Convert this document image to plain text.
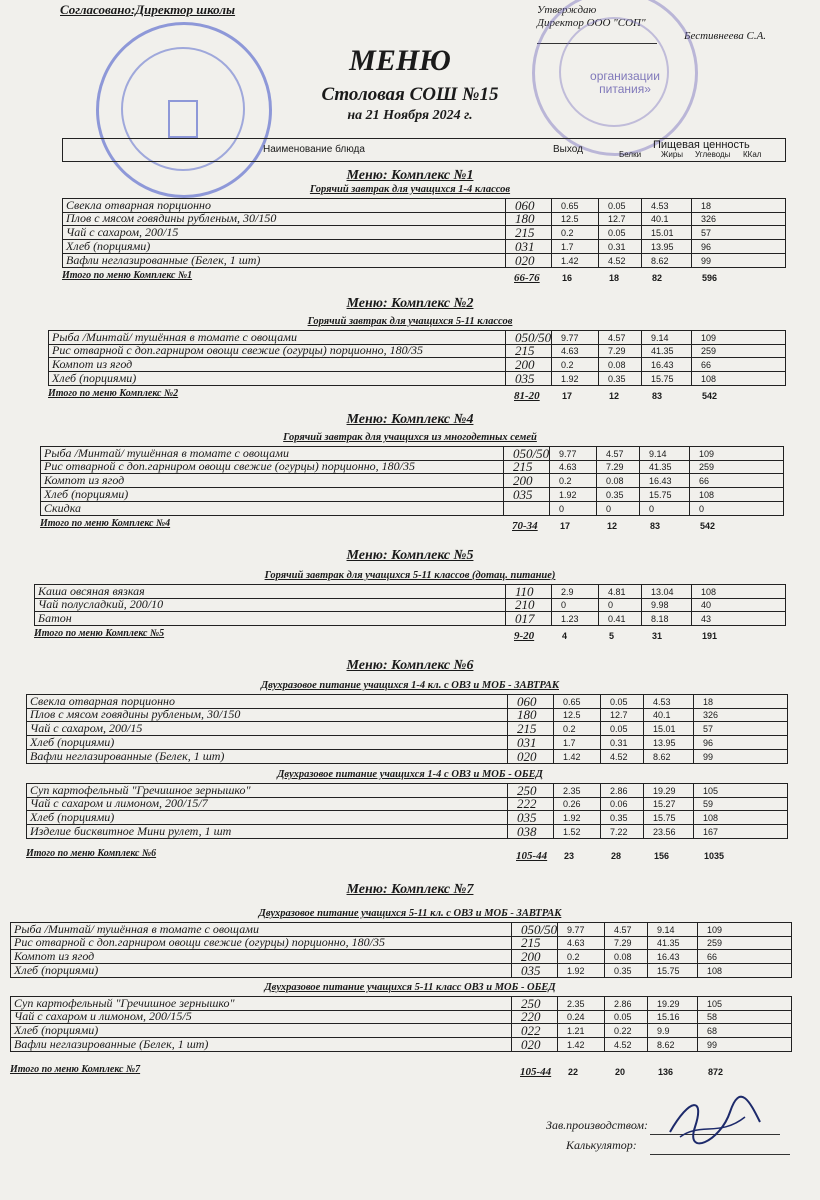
Согласовано:Директор школы	Утверждаю
Директор ООО "СОП"
Бестивнеева С.А.
организации питания»
МЕНЮ
Столовая СОШ №15
на 21 Ноября 2024 г.
Наименование блюда	Выход	Пищевая ценность
Белки Жиры Углеводы ККал
Меню: Комплекс №1
Горячий завтрак для учащихся 1-4 классов
Свекла отварная порционно	060	0.65	0.05	4.53	18
Плов с мясом говядины рубленым, 30/150	180	12.5	12.7	40.1	326
Чай с сахаром, 200/15	215	0.2	0.05	15.01	57
Хлеб (порциями)	031	1.7	0.31	13.95	96
Вафли неглазированные (Белек, 1 шт)	020	1.42	4.52	8.62	99
Итого по меню Комплекс №1	66-76 16	18	82	596
Меню: Комплекс №2
Горячий завтрак для учащихся 5-11 классов
Рыба /Минтай/ тушённая в томате с овощами	050/50 9.77	4.57	9.14	109
Рис отварной с доп.гарниром овощи свежие (огурцы) порционно, 180/35	215	4.63	7.29	41.35	259
Компот из ягод	200	0.2	0.08	16.43	66
Хлеб (порциями)	035	1.92	0.35	15.75	108
Итого по меню Комплекс №2	81-20 17	12	83	542
Меню: Комплекс №4
Горячий завтрак для учащихся из многодетных семей
Рыба /Минтай/ тушённая в томате с овощами	050/50 9.77	4.57	9.14	109
Рис отварной с доп.гарниром овощи свежие (огурцы) порционно, 180/35	215	4.63	7.29	41.35	259
Компот из ягод	200	0.2	0.08	16.43	66
Хлеб (порциями)	035	1.92	0.35	15.75	108
Скидка	0	0	0	0
Итого по меню Комплекс №4	70-34 17	12	83	542
Меню: Комплекс №5
Горячий завтрак для учащихся 5-11 классов (дотац. питание)
Каша овсяная вязкая	110	2.9	4.81	13.04	108
Чай полусладкий, 200/10	210	0	0	9.98	40
Батон	017	1.23	0.41	8.18	43
Итого по меню Комплекс №5	9-20	4	5	31	191
Меню: Комплекс №6
Двухразовое питание учащихся 1-4 кл. с ОВЗ и МОБ - ЗАВТРАК
Свекла отварная порционно	060	0.65	0.05	4.53	18
Плов с мясом говядины рубленым, 30/150	180	12.5	12.7	40.1	326
Чай с сахаром, 200/15	215	0.2	0.05	15.01	57
Хлеб (порциями)	031	1.7	0.31	13.95	96
Вафли неглазированные (Белек, 1 шт)	020	1.42	4.52	8.62	99
Двухразовое питание учащихся 1-4 с ОВЗ и МОБ - ОБЕД
Суп картофельный "Гречишное зернышко"	250	2.35	2.86	19.29	105
Чай с сахаром и лимоном, 200/15/7	222	0.26	0.06	15.27	59
Хлеб (порциями)	035	1.92	0.35	15.75	108
Изделие бисквитное Мини рулет, 1 шт	038	1.52	7.22	23.56	167
Итого по меню Комплекс №6	105-44 23	28	156	1035
Меню: Комплекс №7
Двухразовое питание учащихся 5-11 кл. с ОВЗ и МОБ - ЗАВТРАК
Рыба /Минтай/ тушённая в томате с овощами	050/50 9.77	4.57	9.14	109
Рис отварной с доп.гарниром овощи свежие (огурцы) порционно, 180/35	215	4.63	7.29	41.35	259
Компот из ягод	200	0.2	0.08	16.43	66
Хлеб (порциями)	035	1.92	0.35	15.75	108
Двухразовое питание учащихся 5-11 класс ОВЗ и МОБ - ОБЕД
Суп картофельный "Гречишное зернышко"	250	2.35	2.86	19.29	105
Чай с сахаром и лимоном, 200/15/5	220	0.24	0.05	15.16	58
Хлеб (порциями)	022	1.21	0.22	9.9	68
Вафли неглазированные (Белек, 1 шт)	020	1.42	4.52	8.62	99
Итого по меню Комплекс №7	105-44 22	20	136	872
Зав.производством:
Калькулятор:
